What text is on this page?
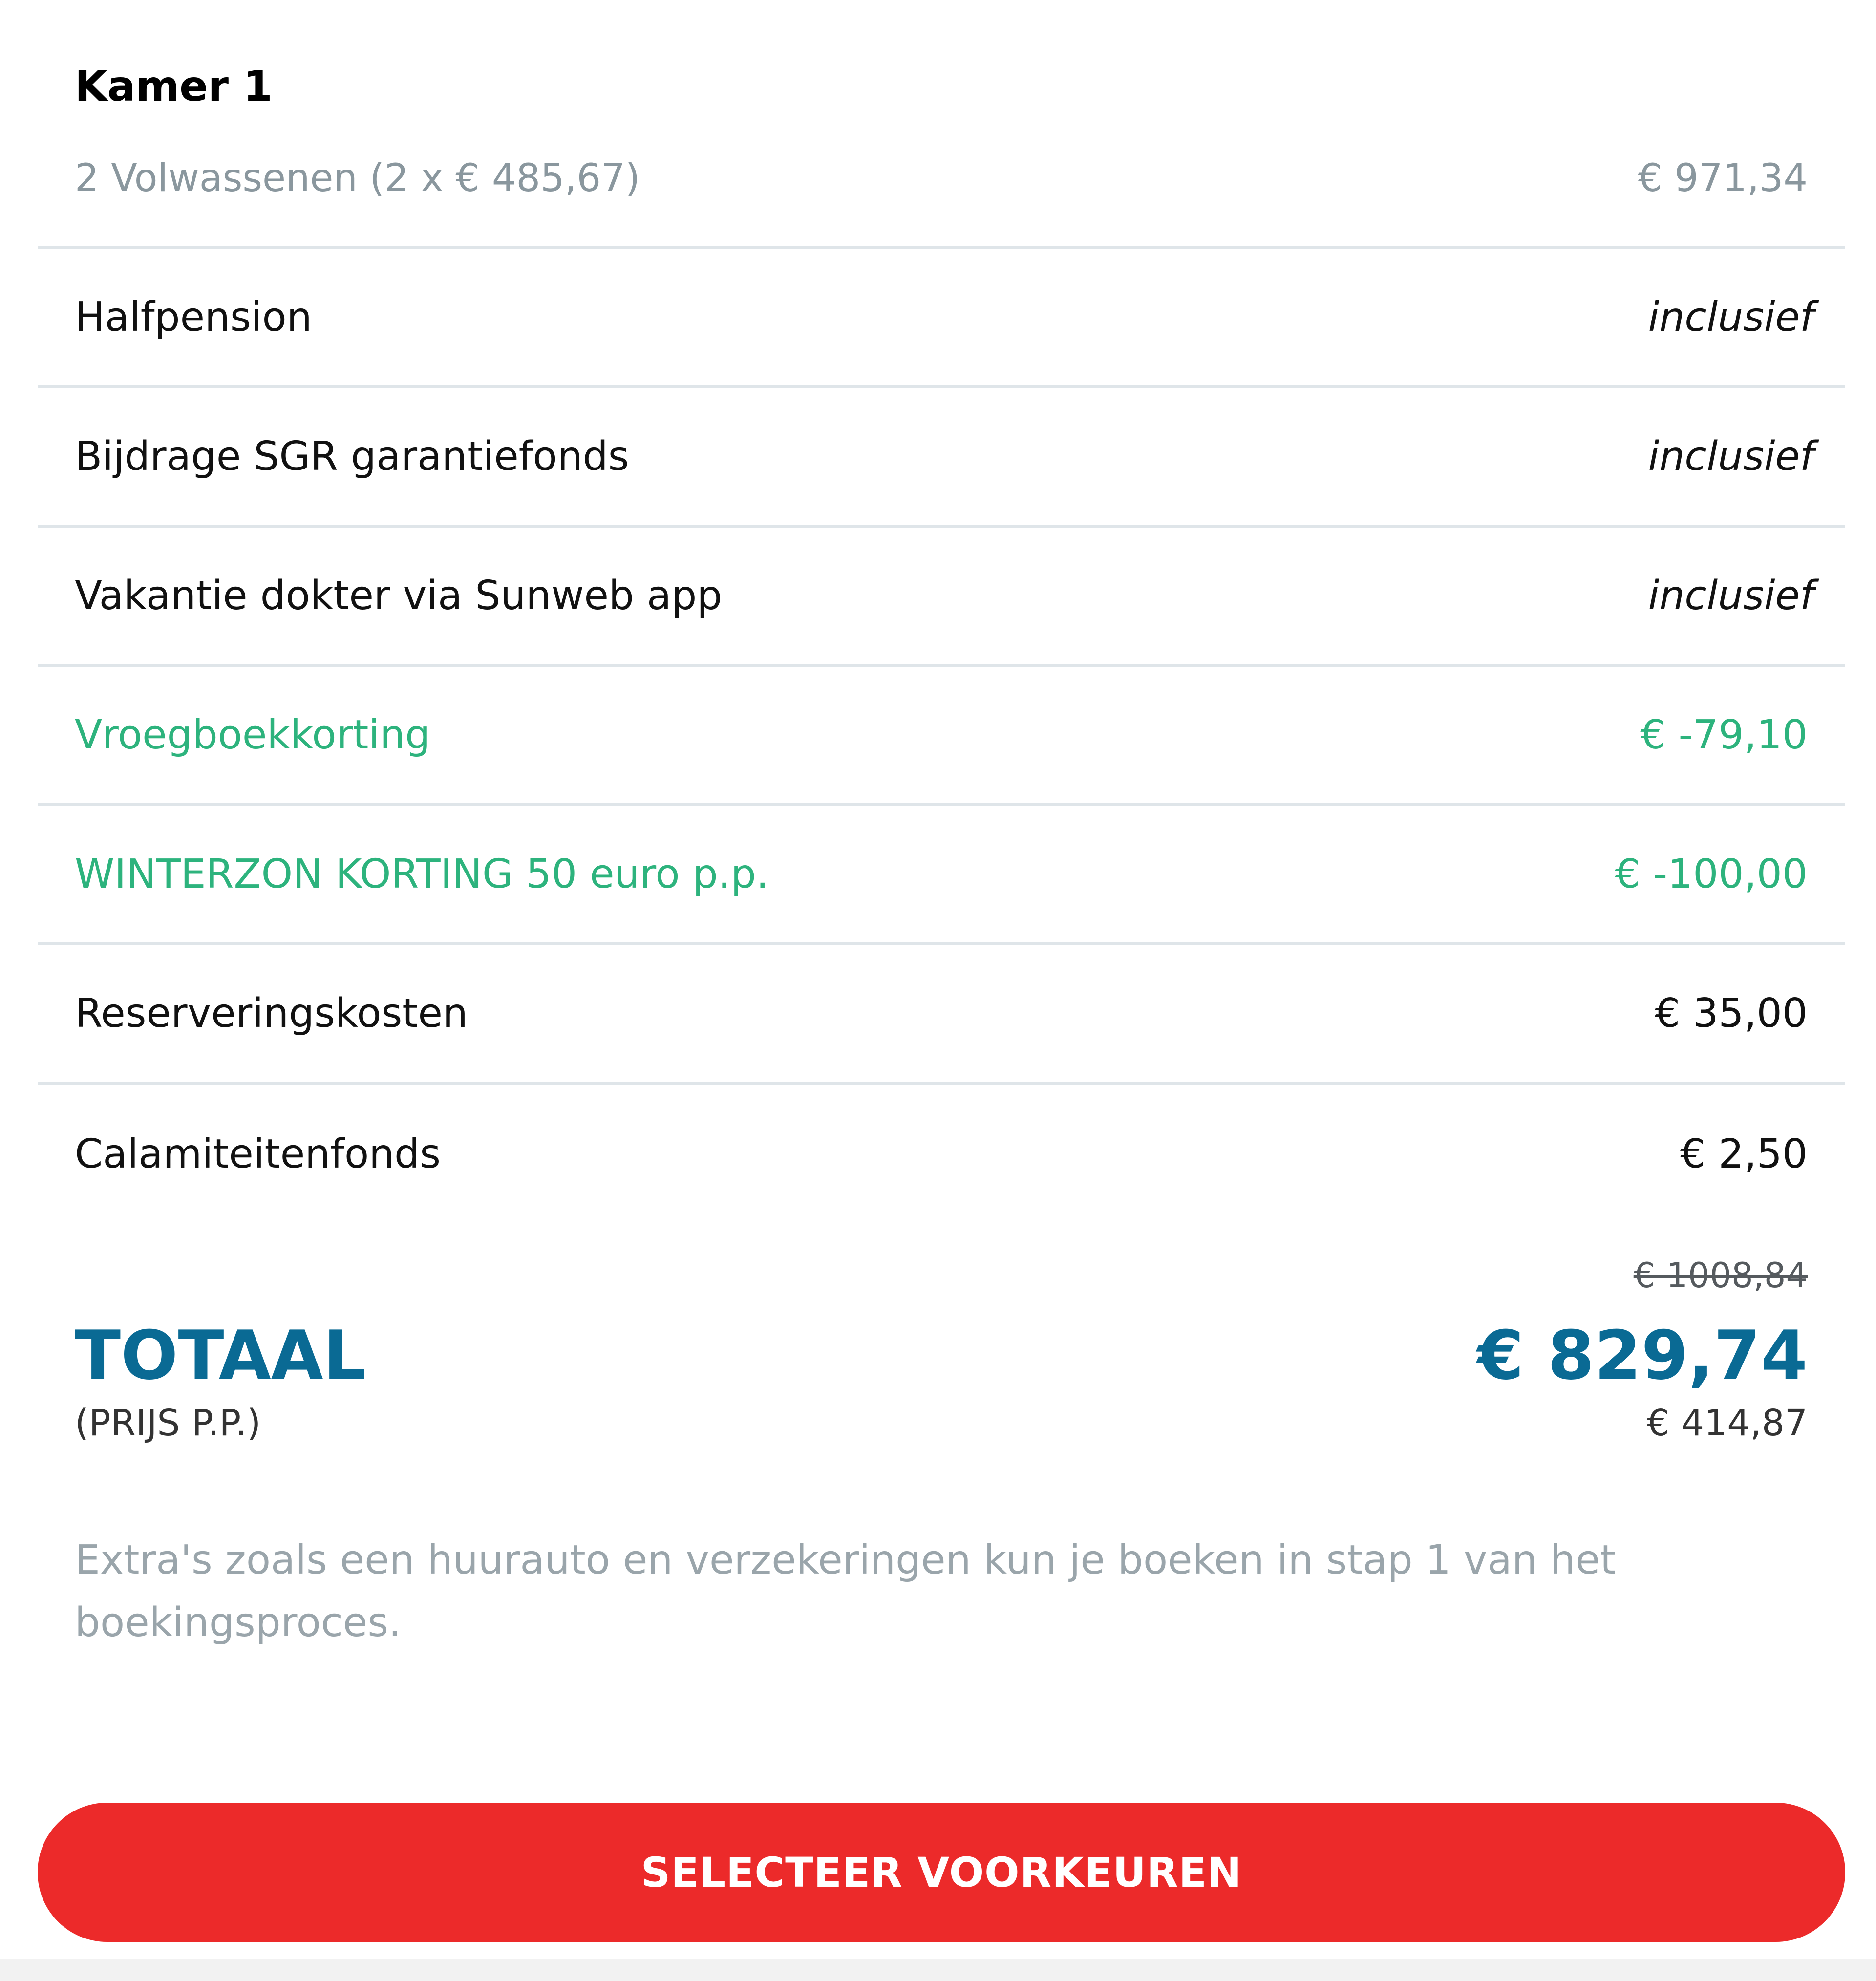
Kamer 1
2 Volwassenen (2 x € 485,67)	€ 971,34
Halfpension	inclusief
Bijdrage SGR garantiefonds	inclusief
Vakantie dokter via Sunweb app	inclusief
Vroegboekkorting	€ -79,10
WINTERZON KORTING 50 euro p.p.	€ -100,00
Reserveringskosten	€ 35,00
Calamiteitenfonds	€ 2,50
€ 1008,84
TOTAAL	€ 829,74
(PRIJS P.P.)	€ 414,87
Extra's zoals een huurauto en verzekeringen kun je boeken in stap 1 van het boekingsproces.
SELECTEER VOORKEUREN
